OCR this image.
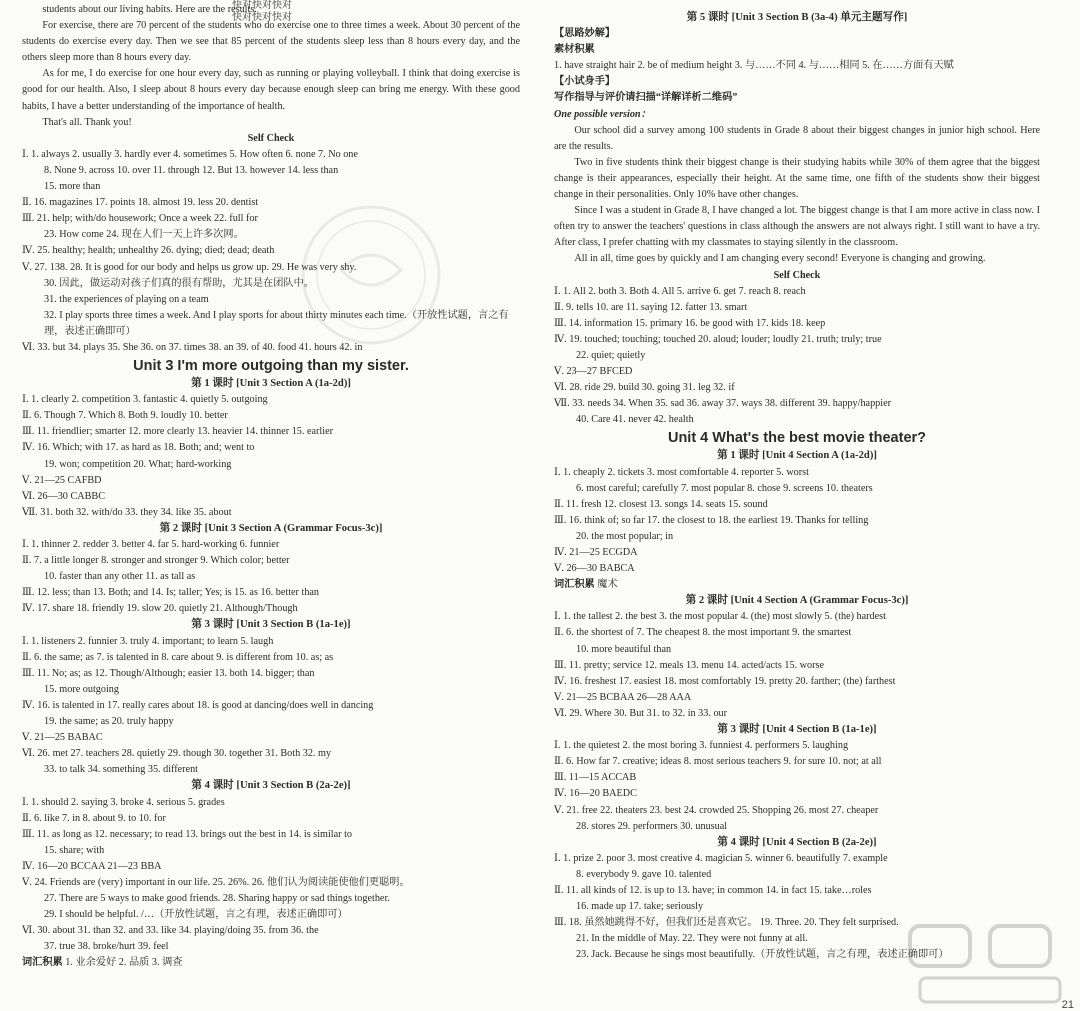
快对快对快对
快对快对快对
students about our living habits. Here are the results.
For exercise, there are 70 percent of the students who do exercise one to three times a week. About 30 percent of the students do exercise every day. Then we see that 85 percent of the students sleep less than 8 hours every day, and the others sleep more than 8 hours every day.
As for me, I do exercise for one hour every day, such as running or playing volleyball. I think that doing exercise is good for our health. Also, I sleep about 8 hours every day because enough sleep can bring me energy. With these good habits, I have a better understanding of the importance of health.
That's all. Thank you!
Self Check
Ⅰ. 1. always 2. usually 3. hardly ever 4. sometimes 5. How often 6. none 7. No one
8. None 9. across 10. over 11. through 12. But 13. however 14. less than
15. more than
Ⅱ. 16. magazines 17. points 18. almost 19. less 20. dentist
Ⅲ. 21. help; with/do housework; Once a week 22. full for
23. How come 24. 现在人们一天上许多次网。
Ⅳ. 25. healthy; health; unhealthy 26. dying; died; dead; death
Ⅴ. 27. 138. 28. It is good for our body and helps us grow up. 29. He was very shy.
30. 因此，做运动对孩子们真的很有帮助，尤其是在团队中。
31. the experiences of playing on a team
32. I play sports three times a week. And I play sports for about thirty minutes each time.（开放性试题，言之有理，表述正确即可）
Ⅵ. 33. but 34. plays 35. She 36. on 37. times 38. an 39. of 40. food 41. hours 42. in
Unit 3 I'm more outgoing than my sister.
第 1 课时 [Unit 3 Section A (1a-2d)]
Ⅰ. 1. clearly 2. competition 3. fantastic 4. quietly 5. outgoing
Ⅱ. 6. Though 7. Which 8. Both 9. loudly 10. better
Ⅲ. 11. friendlier; smarter 12. more clearly 13. heavier 14. thinner 15. earlier
Ⅳ. 16. Which; with 17. as hard as 18. Both; and; went to
19. won; competition 20. What; hard-working
Ⅴ. 21—25 CAFBD
Ⅵ. 26—30 CABBC
Ⅶ. 31. both 32. with/do 33. they 34. like 35. about
第 2 课时 [Unit 3 Section A (Grammar Focus-3c)]
Ⅰ. 1. thinner 2. redder 3. better 4. far 5. hard-working 6. funnier
Ⅱ. 7. a little longer 8. stronger and stronger 9. Which color; better
10. faster than any other 11. as tall as
Ⅲ. 12. less; than 13. Both; and 14. Is; taller; Yes; is 15. as 16. better than
Ⅳ. 17. share 18. friendly 19. slow 20. quietly 21. Although/Though
第 3 课时 [Unit 3 Section B (1a-1e)]
Ⅰ. 1. listeners 2. funnier 3. truly 4. important; to learn 5. laugh
Ⅱ. 6. the same; as 7. is talented in 8. care about 9. is different from 10. as; as
Ⅲ. 11. No; as; as 12. Though/Although; easier 13. both 14. bigger; than
15. more outgoing
Ⅳ. 16. is talented in 17. really cares about 18. is good at dancing/does well in dancing
19. the same; as 20. truly happy
Ⅴ. 21—25 BABAC
Ⅵ. 26. met 27. teachers 28. quietly 29. though 30. together 31. Both 32. my
33. to talk 34. something 35. different
第 4 课时 [Unit 3 Section B (2a-2e)]
Ⅰ. 1. should 2. saying 3. broke 4. serious 5. grades
Ⅱ. 6. like 7. in 8. about 9. to 10. for
Ⅲ. 11. as long as 12. necessary; to read 13. brings out the best in 14. is similar to
15. share; with
Ⅳ. 16—20 BCCAA 21—23 BBA
Ⅴ. 24. Friends are (very) important in our life. 25. 26%. 26. 他们认为阅读能使他们更聪明。
27. There are 5 ways to make good friends. 28. Sharing happy or sad things together.
29. I should be helpful. /…（开放性试题，言之有理，表述正确即可）
Ⅵ. 30. about 31. than 32. and 33. like 34. playing/doing 35. from 36. the
37. true 38. broke/hurt 39. feel
词汇积累 1. 业余爱好 2. 品质 3. 调查
第 5 课时 [Unit 3 Section B (3a-4) 单元主题写作]
【思路妙解】
素材积累
1. have straight hair 2. be of medium height 3. 与……不同 4. 与……相同 5. 在……方面有天赋
【小试身手】
写作指导与评价请扫描“详解详析二维码”
One possible version：
Our school did a survey among 100 students in Grade 8 about their biggest changes in junior high school. Here are the results.
Two in five students think their biggest change is their studying habits while 30% of them agree that the biggest change is their appearances, especially their height. At the same time, one fifth of the students show their biggest change in their personalities. Only 10% have other changes.
Since I was a student in Grade 8, I have changed a lot. The biggest change is that I am more active in class now. I often try to answer the teachers' questions in class although the answers are not always right. I still want to have a try. After class, I prefer chatting with my classmates to staying silently in the classroom.
All in all, time goes by quickly and I am changing every second! Everyone is changing and growing.
Self Check
Ⅰ. 1. All 2. both 3. Both 4. All 5. arrive 6. get 7. reach 8. reach
Ⅱ. 9. tells 10. are 11. saying 12. fatter 13. smart
Ⅲ. 14. information 15. primary 16. be good with 17. kids 18. keep
Ⅳ. 19. touched; touching; touched 20. aloud; louder; loudly 21. truth; truly; true
22. quiet; quietly
Ⅴ. 23—27 BFCED
Ⅵ. 28. ride 29. build 30. going 31. leg 32. if
Ⅶ. 33. needs 34. When 35. sad 36. away 37. ways 38. different 39. happy/happier
40. Care 41. never 42. health
Unit 4 What's the best movie theater?
第 1 课时 [Unit 4 Section A (1a-2d)]
Ⅰ. 1. cheaply 2. tickets 3. most comfortable 4. reporter 5. worst
6. most careful; carefully 7. most popular 8. chose 9. screens 10. theaters
Ⅱ. 11. fresh 12. closest 13. songs 14. seats 15. sound
Ⅲ. 16. think of; so far 17. the closest to 18. the earliest 19. Thanks for telling
20. the most popular; in
Ⅳ. 21—25 ECGDA
Ⅴ. 26—30 BABCA
词汇积累 魔术
第 2 课时 [Unit 4 Section A (Grammar Focus-3c)]
Ⅰ. 1. the tallest 2. the best 3. the most popular 4. (the) most slowly 5. (the) hardest
Ⅱ. 6. the shortest of 7. The cheapest 8. the most important 9. the smartest
10. more beautiful than
Ⅲ. 11. pretty; service 12. meals 13. menu 14. acted/acts 15. worse
Ⅳ. 16. freshest 17. easiest 18. most comfortably 19. pretty 20. farther; (the) farthest
Ⅴ. 21—25 BCBAA 26—28 AAA
Ⅵ. 29. Where 30. But 31. to 32. in 33. our
第 3 课时 [Unit 4 Section B (1a-1e)]
Ⅰ. 1. the quietest 2. the most boring 3. funniest 4. performers 5. laughing
Ⅱ. 6. How far 7. creative; ideas 8. most serious teachers 9. for sure 10. not; at all
Ⅲ. 11—15 ACCAB
Ⅳ. 16—20 BAEDC
Ⅴ. 21. free 22. theaters 23. best 24. crowded 25. Shopping 26. most 27. cheaper
28. stores 29. performers 30. unusual
第 4 课时 [Unit 4 Section B (2a-2e)]
Ⅰ. 1. prize 2. poor 3. most creative 4. magician 5. winner 6. beautifully 7. example
8. everybody 9. gave 10. talented
Ⅱ. 11. all kinds of 12. is up to 13. have; in common 14. in fact 15. take…roles
16. made up 17. take; seriously
Ⅲ. 18. 虽然她跳得不好，但我们还是喜欢它。 19. Three. 20. They felt surprised.
21. In the middle of May. 22. They were not funny at all.
23. Jack. Because he sings most beautifully.（开放性试题，言之有理，表述正确即可）
21
